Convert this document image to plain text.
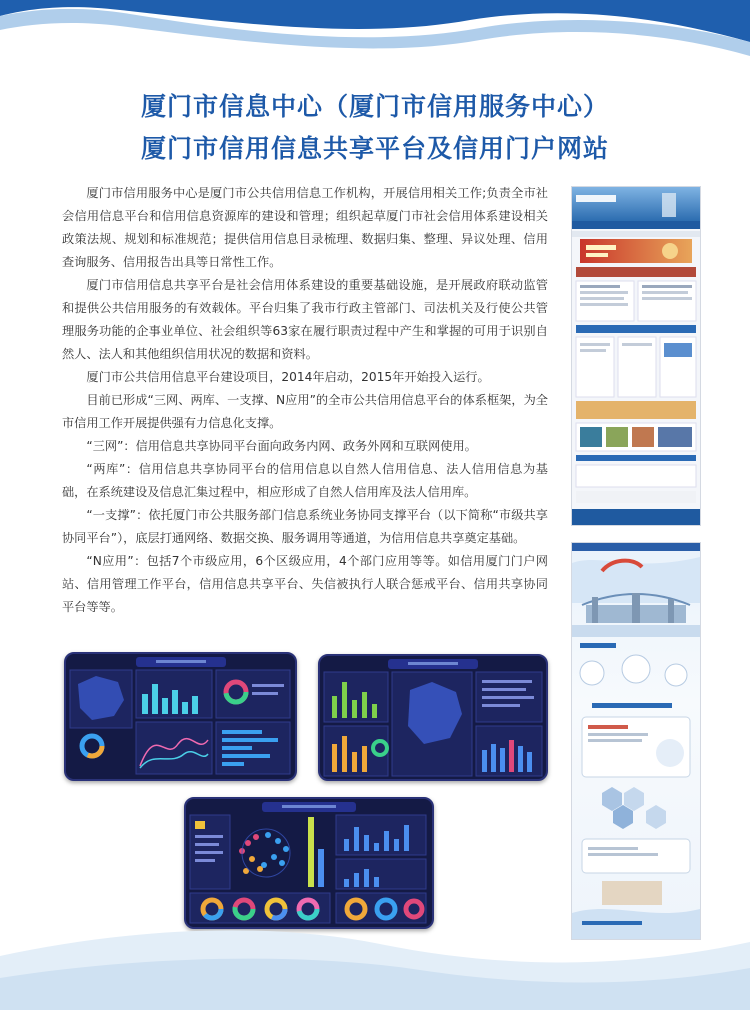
厦门市信息中心（厦门市信用服务中心）
厦门市信用信息共享平台及信用门户网站

厦门市信用服务中心是厦门市公共信用信息工作机构，开展信用相关工作;负责全市社会信用信息平台和信用信息资源库的建设和管理；组织起草厦门市社会信用体系建设相关政策法规、规划和标准规范；提供信用信息目录梳理、数据归集、整理、异议处理、信用查询服务、信用报告出具等日常性工作。

厦门市信用信息共享平台是社会信用体系建设的重要基础设施，是开展政府联动监管和提供公共信用服务的有效载体。平台归集了我市行政主管部门、司法机关及行使公共管理服务功能的企事业单位、社会组织等63家在履行职责过程中产生和掌握的可用于识别自然人、法人和其他组织信用状况的数据和资料。

厦门市公共信用信息平台建设项目，2014年启动，2015年开始投入运行。

目前已形成“三网、两库、一支撑、N应用”的全市公共信用信息平台的体系框架，为全市信用工作开展提供强有力信息化支撑。

“三网”：信用信息共享协同平台面向政务内网、政务外网和互联网使用。

“两库”：信用信息共享协同平台的信用信息以自然人信用信息、法人信用信息为基础，在系统建设及信息汇集过程中，相应形成了自然人信用库及法人信用库。

“一支撑”：依托厦门市公共服务部门信息系统业务协同支撑平台（以下简称“市级共享协同平台”），底层打通网络、数据交换、服务调用等通道，为信用信息共享奠定基础。

“N应用”：包括7个市级应用，6个区级应用，4个部门应用等等。如信用厦门门户网站、信用管理工作平台，信用信息共享平台、失信被执行人联合惩戒平台、信用共享协同平台等等。
